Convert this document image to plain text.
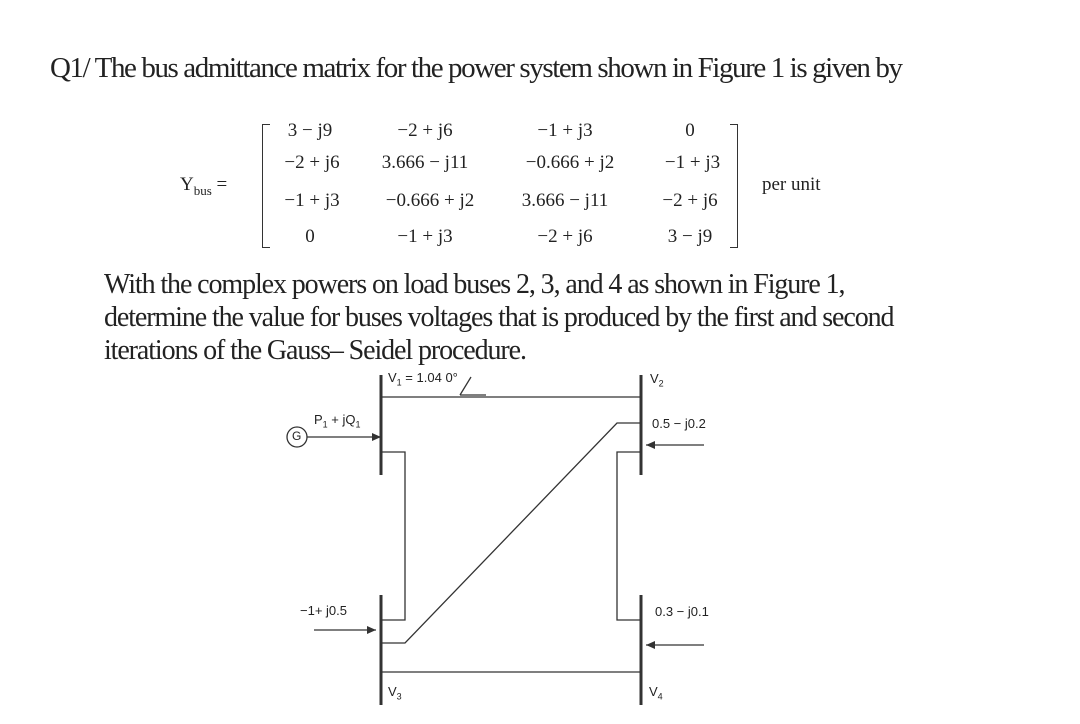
Q1/ The bus admittance matrix for the power system shown in Figure 1 is given by
$Y_{bus}$ =
3 − j9	−2 + j6	−1 + j3	0
−2 + j6	3.666 − j11	−0.666 + j2	−1 + j3
−1 + j3	−0.666 + j2	3.666 − j11	−2 + j6
0	−1 + j3	−2 + j6	3 − j9
per unit
With the complex powers on load buses 2, 3, and 4 as shown in Figure 1,
determine the value for buses voltages that is produced by the first and second
iterations of the Gauss– Seidel procedure.
$V_1 = 1.04$ 0°	$V_2$
$V_3$	$V_4$
$P_1 + jQ_1$
G
0.5 − j0.2
−1+ j0.5	0.3 − j0.1
